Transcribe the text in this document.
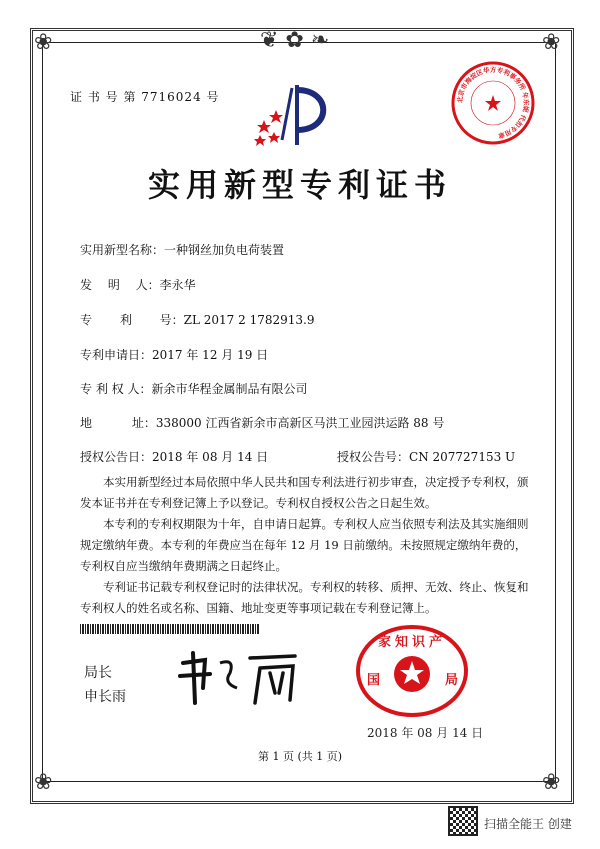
❦ ✿ ❧
❀	❀
❀	❀
证 书 号 第 7716024 号	北京市海淀区华方专利事务所 年东妮 代扣专用章
实用新型专利证书
实用新型名称：一种钢丝加负电荷装置
发　 明　 人：李永华
专　 　利　 　号：ZL 2017 2 1782913.9
专利申请日：2017 年 12 月 19 日
专 利 权 人：新余市华程金属制品有限公司
地　　　 址：338000 江西省新余市高新区马洪工业园洪运路 88 号
授权公告日：2018 年 08 月 14 日	授权公告号：CN 207727153 U

本实用新型经过本局依照中华人民共和国专利法进行初步审查，决定授予专利权，颁发本证书并在专利登记簿上予以登记。专利权自授权公告之日起生效。

本专利的专利权期限为十年，自申请日起算。专利权人应当依照专利法及其实施细则规定缴纳年费。本专利的年费应当在每年 12 月 19 日前缴纳。未按照规定缴纳年费的，专利权自应当缴纳年费期满之日起终止。

专利证书记载专利权登记时的法律状况。专利权的转移、质押、无效、终止、恢复和专利权人的姓名或名称、国籍、地址变更等事项记载在专利登记簿上。

局长
申长雨
家知识产
国	局
2018 年 08 月 14 日
第 1 页 (共 1 页)
扫描全能王 创建
